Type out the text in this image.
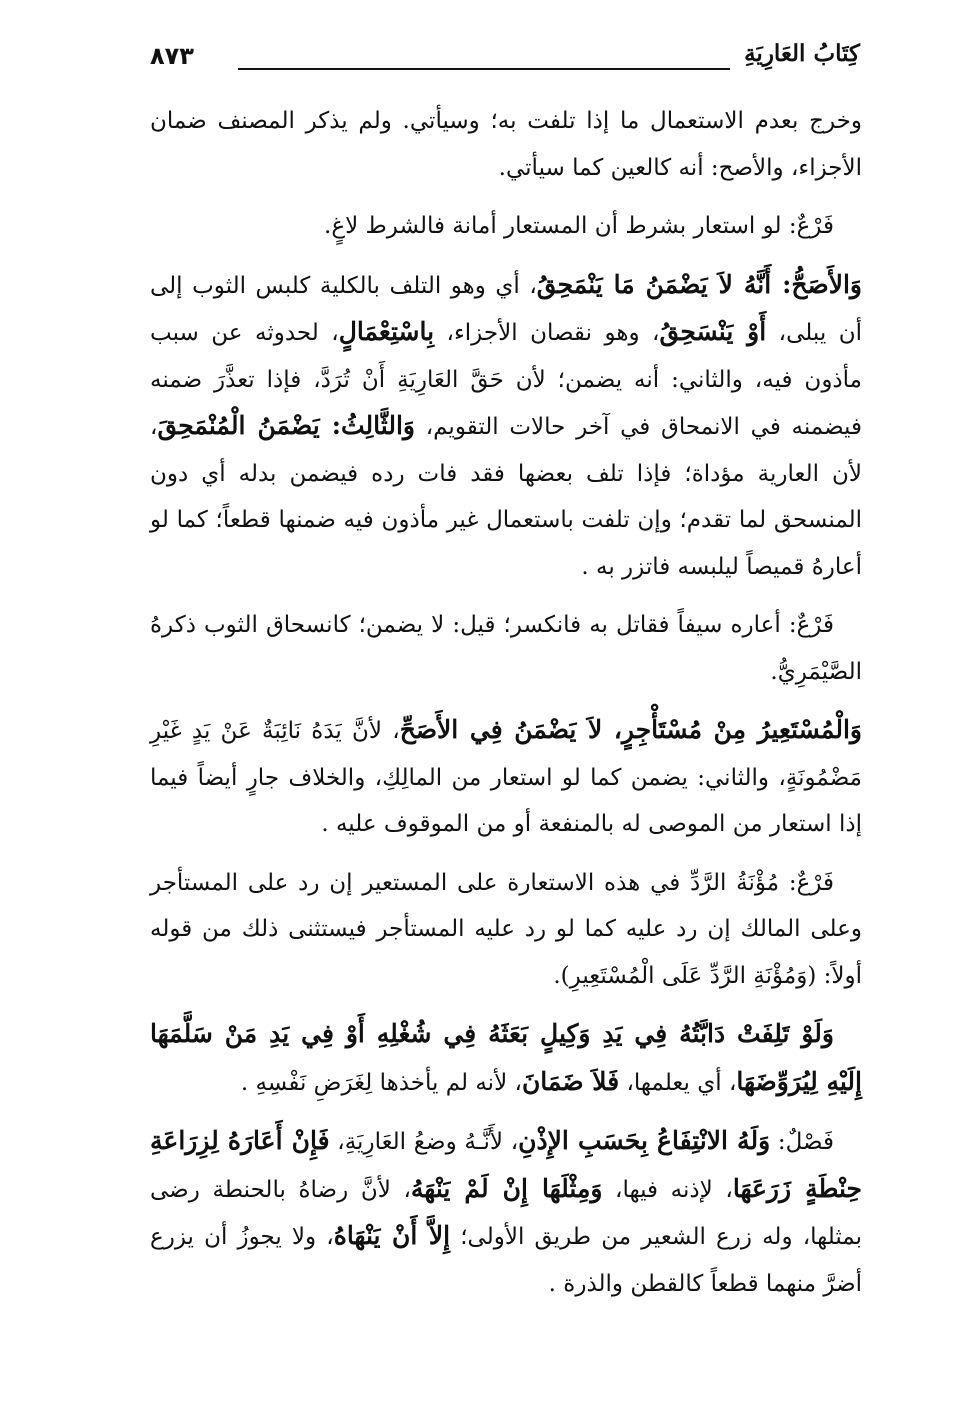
٨٧٣	كِتَابُ العَارِيَةِ

وخرج بعدم الاستعمال ما إذا تلفت به؛ وسيأتي. ولم يذكر المصنف ضمان الأجزاء، والأصح: أنه كالعين كما سيأتي.

فَرْعٌ: لو استعار بشرط أن المستعار أمانة فالشرط لاغٍ.

وَالأَصَحُّ: أَنَّهُ لاَ يَضْمَنُ مَا يَنْمَحِقُ، أي وهو التلف بالكلية كلبس الثوب إلى أن يبلى، أَوْ يَنْسَحِقُ، وهو نقصان الأجزاء، بِاسْتِعْمَالٍ، لحدوثه عن سبب مأذون فيه، والثاني: أنه يضمن؛ لأن حَقَّ العَارِيَةِ أَنْ تُرَدَّ، فإذا تعذَّرَ ضمنه فيضمنه في الانمحاق في آخر حالات التقويم، وَالثَّالِثُ: يَضْمَنُ الْمُنْمَحِقَ، لأن العارية مؤداة؛ فإذا تلف بعضها فقد فات رده فيضمن بدله أي دون المنسحق لما تقدم؛ وإن تلفت باستعمال غير مأذون فيه ضمنها قطعاً؛ كما لو أعارهُ قميصاً ليلبسه فاتزر به .

فَرْعٌ: أعاره سيفاً فقاتل به فانكسر؛ قيل: لا يضمن؛ كانسحاق الثوب ذكرهُ الصَّيْمَرِيُّ.

وَالْمُسْتَعِيرُ مِنْ مُسْتَأْجِرٍ، لاَ يَضْمَنُ فِي الأَصَحِّ، لأنَّ يَدَهُ نَائِبَةٌ عَنْ يَدٍ غَيْرِ مَضْمُونَةٍ، والثاني: يضمن كما لو استعار من المالِكِ، والخلاف جارٍ أيضاً فيما إذا استعار من الموصى له بالمنفعة أو من الموقوف عليه .

فَرْعٌ: مُؤْنَةُ الرَّدِّ في هذه الاستعارة على المستعير إن رد على المستأجر وعلى المالك إن رد عليه كما لو رد عليه المستأجر فيستثنى ذلك من قوله أولاً: (وَمُؤْنَةِ الرَّدِّ عَلَى الْمُسْتَعِيرِ).

وَلَوْ تَلِفَتْ دَابَّتُهُ فِي يَدِ وَكِيلٍ بَعَثَهُ فِي شُغْلِهِ أَوْ فِي يَدِ مَنْ سَلَّمَهَا إِلَيْهِ لِيُرَوِّضَهَا، أي يعلمها، فَلاَ ضَمَانَ، لأنه لم يأخذها لِغَرَضِ نَفْسِهِ .

فَصْلٌ: وَلَهُ الانْتِفَاعُ بِحَسَبِ الإِذْنِ، لأَنَّـهُ وضعُ العَارِيَةِ، فَإِنْ أَعَارَهُ لِزِرَاعَةِ حِنْطَةٍ زَرَعَهَا، لإذنه فيها، وَمِثْلَهَا إِنْ لَمْ يَنْهَهُ، لأنَّ رضاهُ بالحنطة رضى بمثلها، وله زرع الشعير من طريق الأولى؛ إِلاَّ أَنْ يَنْهَاهُ، ولا يجوزُ أن يزرع أضرَّ منهما قطعاً كالقطن والذرة .
